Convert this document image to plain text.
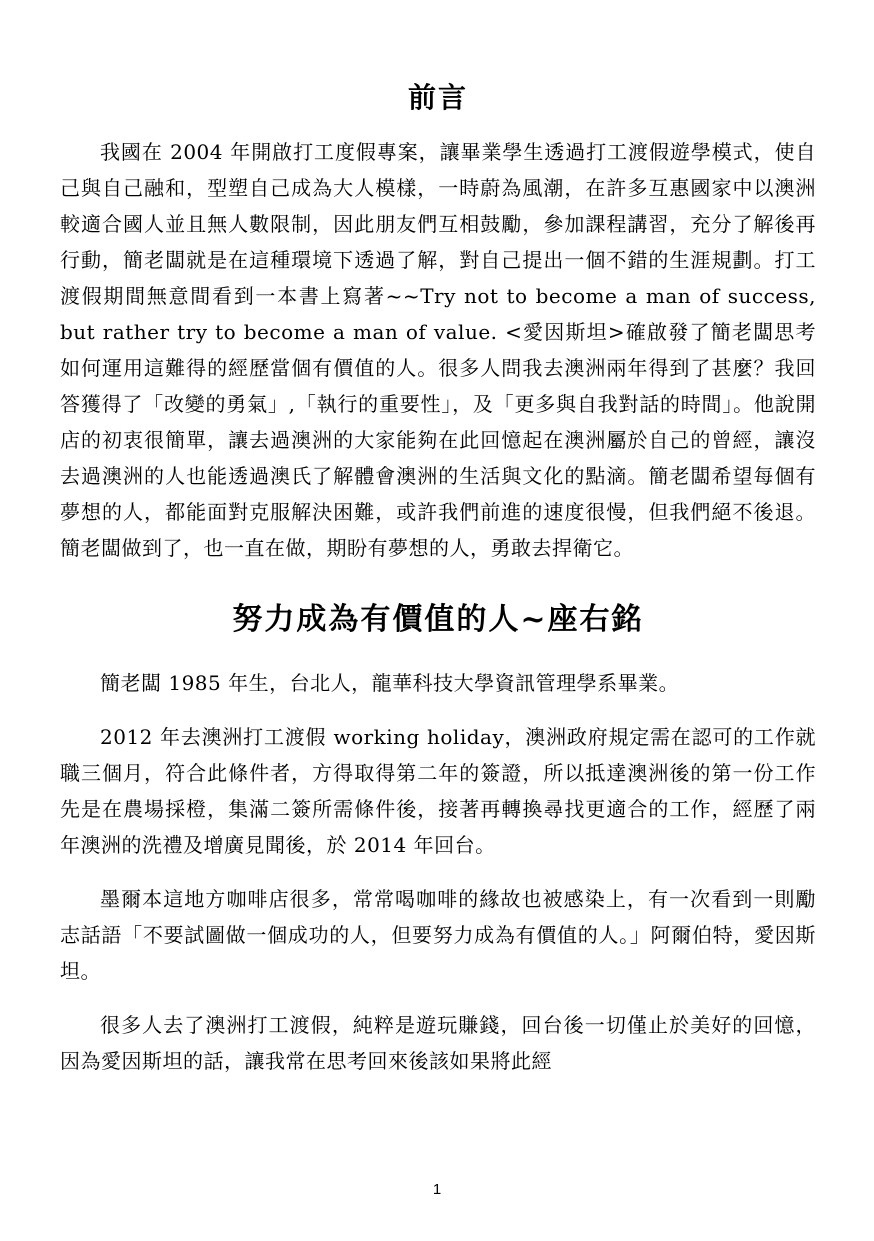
前言

我國在 2004 年開啟打工度假專案，讓畢業學生透過打工渡假遊學模式，使自己與自己融和，型塑自己成為大人模樣，一時蔚為風潮，在許多互惠國家中以澳洲較適合國人並且無人數限制，因此朋友們互相鼓勵，參加課程講習，充分了解後再行動，簡老闆就是在這種環境下透過了解，對自己提出一個不錯的生涯規劃。打工渡假期間無意間看到一本書上寫著~~Try not to become a man of success, but rather try to become a man of value. <愛因斯坦>確啟發了簡老闆思考如何運用這難得的經歷當個有價值的人。很多人問我去澳洲兩年得到了甚麼？我回答獲得了「改變的勇氣」,「執行的重要性」，及「更多與自我對話的時間」。他說開店的初衷很簡單，讓去過澳洲的大家能夠在此回憶起在澳洲屬於自己的曾經，讓沒去過澳洲的人也能透過澳氏了解體會澳洲的生活與文化的點滴。簡老闆希望每個有夢想的人，都能面對克服解決困難，或許我們前進的速度很慢，但我們絕不後退。簡老闆做到了，也一直在做，期盼有夢想的人，勇敢去捍衛它。

努力成為有價值的人~座右銘

簡老闆 1985 年生，台北人，龍華科技大學資訊管理學系畢業。

2012 年去澳洲打工渡假 working holiday，澳洲政府規定需在認可的工作就職三個月，符合此條件者，方得取得第二年的簽證，所以抵達澳洲後的第一份工作先是在農場採橙，集滿二簽所需條件後，接著再轉換尋找更適合的工作，經歷了兩年澳洲的洗禮及增廣見聞後，於 2014 年回台。

墨爾本這地方咖啡店很多，常常喝咖啡的緣故也被感染上，有一次看到一則勵志話語「不要試圖做一個成功的人，但要努力成為有價值的人。」阿爾伯特，愛因斯坦。

很多人去了澳洲打工渡假，純粹是遊玩賺錢，回台後一切僅止於美好的回憶，因為愛因斯坦的話，讓我常在思考回來後該如果將此經

1
